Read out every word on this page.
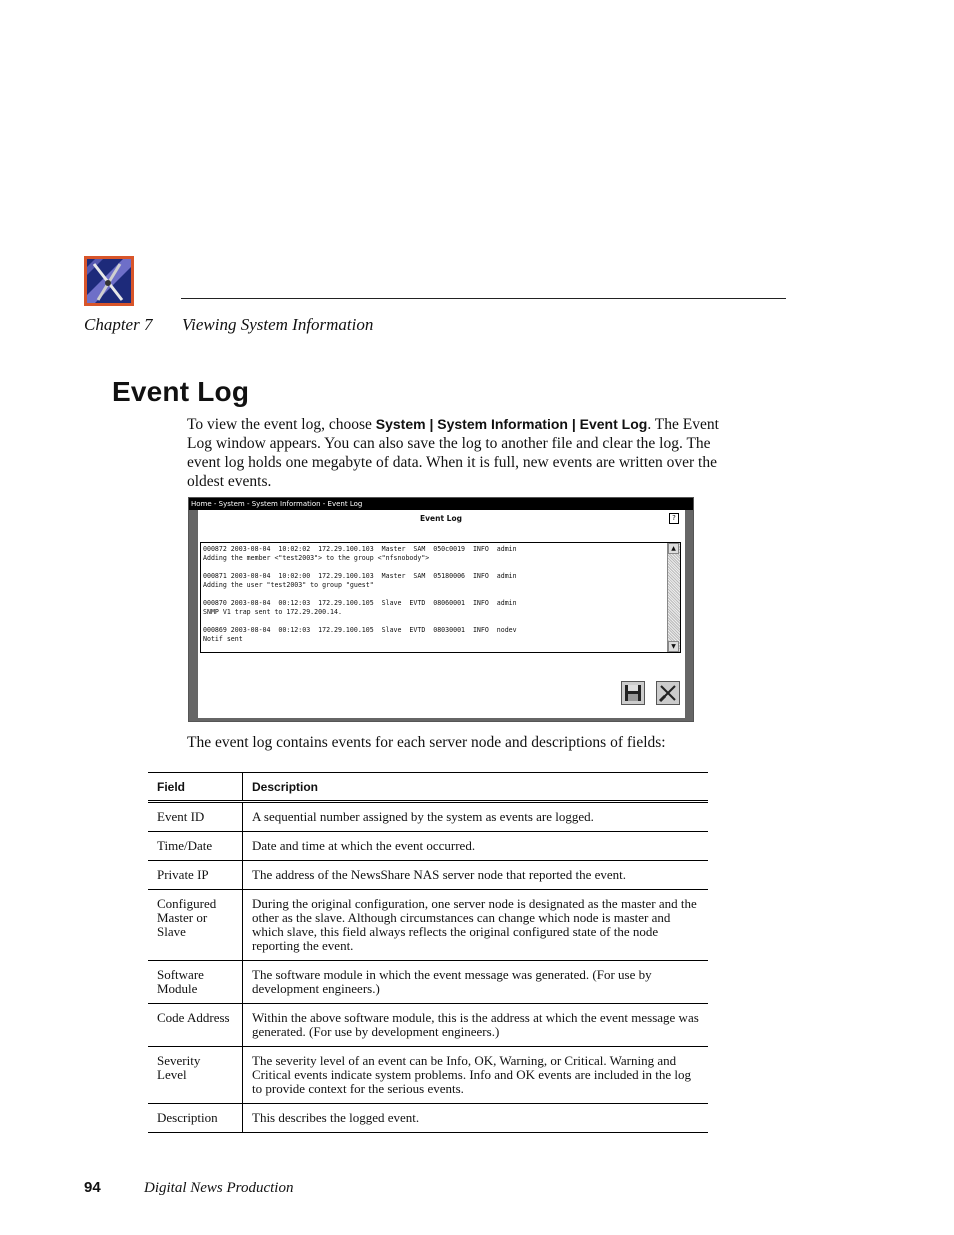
Chapter 7 Viewing System Information
Event Log
To view the event log, choose System | System Information | Event Log. The Event Log window appears. You can also save the log to another file and clear the log. The event log holds one megabyte of data. When it is full, new events are written over the oldest events.
Home - System - System Information - Event Log
Event Log	?
000872 2003-08-04  10:02:02  172.29.100.103  Master  SAM  050c0019  INFO  admin
Adding the member <"test2003"> to the group <"nfsnobody">
000871 2003-08-04  10:02:00  172.29.100.103  Master  SAM  05180006  INFO  admin
Adding the user "test2003" to group "guest"
000870 2003-08-04  00:12:03  172.29.100.105  Slave  EVTD  08060001  INFO  admin
SNMP V1 trap sent to 172.29.200.14.
000869 2003-08-04  00:12:03  172.29.100.105  Slave  EVTD  08030001  INFO  nodev
Notif sent
▲
▼
The event log contains events for each server node and descriptions of fields:
Field	Description
Event ID	A sequential number assigned by the system as events are logged.
Time/Date	Date and time at which the event occurred.
Private IP	The address of the NewsShare NAS server node that reported the event.
Configured Master or Slave	During the original configuration, one server node is designated as the master and the other as the slave. Although circumstances can change which node is master and which slave, this field always reflects the original configured state of the node reporting the event.
Software Module	The software module in which the event message was generated. (For use by development engineers.)
Code Address	Within the above software module, this is the address at which the event message was generated. (For use by development engineers.)
Severity Level	The severity level of an event can be Info, OK, Warning, or Critical. Warning and Critical events indicate system problems. Info and OK events are included in the log to provide context for the serious events.
Description	This describes the logged event.
94	Digital News Production
